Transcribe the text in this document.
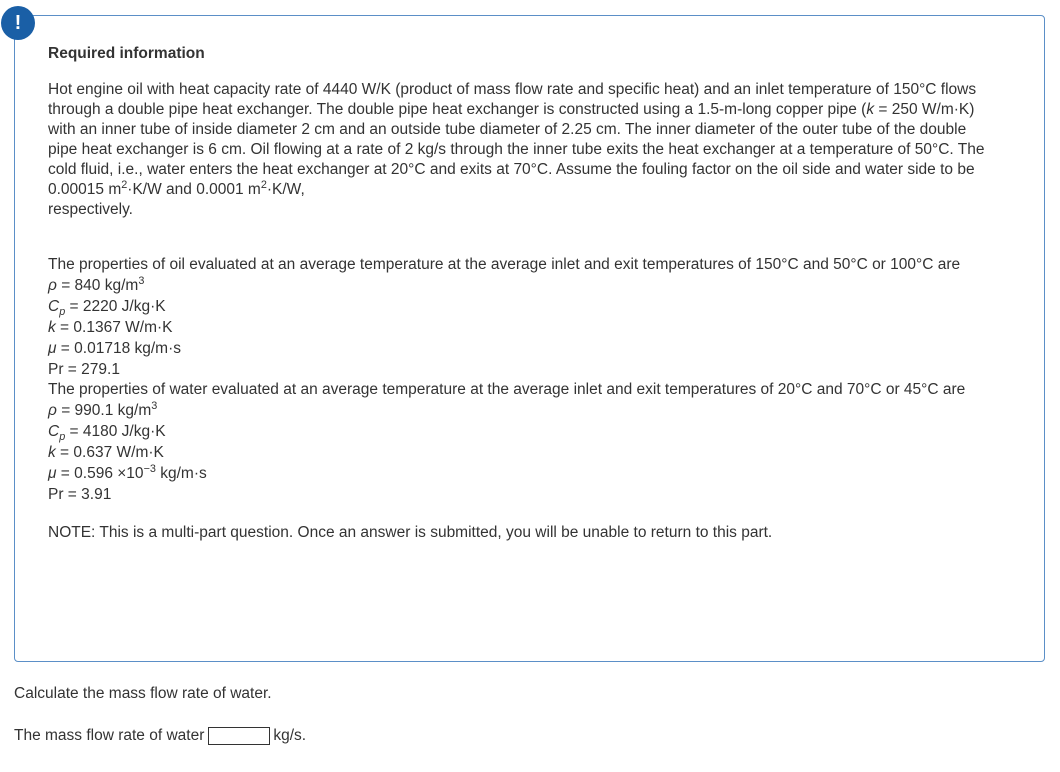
!
Required information

Hot engine oil with heat capacity rate of 4440 W/K (product of mass flow rate and specific heat) and an inlet temperature of 150°C flows through a double pipe heat exchanger. The double pipe heat exchanger is constructed using a 1.5-m-long copper pipe (k = 250 W/m·K) with an inner tube of inside diameter 2 cm and an outside tube diameter of 2.25 cm. The inner diameter of the outer tube of the double pipe heat exchanger is 6 cm. Oil flowing at a rate of 2 kg/s through the inner tube exits the heat exchanger at a temperature of 50°C. The cold fluid, i.e., water enters the heat exchanger at 20°C and exits at 70°C. Assume the fouling factor on the oil side and water side to be 0.00015 $m^2\cdot K/W$ and 0.0001 $m^2\cdot K/W$,
respectively.

The properties of oil evaluated at an average temperature at the average inlet and exit temperatures of 150°C and 50°C or 100°C are
ρ = 840 $kg/m^3$
$C_p = 2220$ J/kg·K
k = 0.1367 W/m·K
μ = 0.01718 kg/m·s
Pr = 279.1
The properties of water evaluated at an average temperature at the average inlet and exit temperatures of 20°C and 70°C or 45°C are
ρ = 990.1 $kg/m^3$
$C_p = 4180$ J/kg·K
k = 0.637 W/m·K
$\mu = 0.596 \times 10^{-3}$ kg/m·s
Pr = 3.91
NOTE: This is a multi-part question. Once an answer is submitted, you will be unable to return to this part.
Calculate the mass flow rate of water.
The mass flow rate of water	kg/s.
